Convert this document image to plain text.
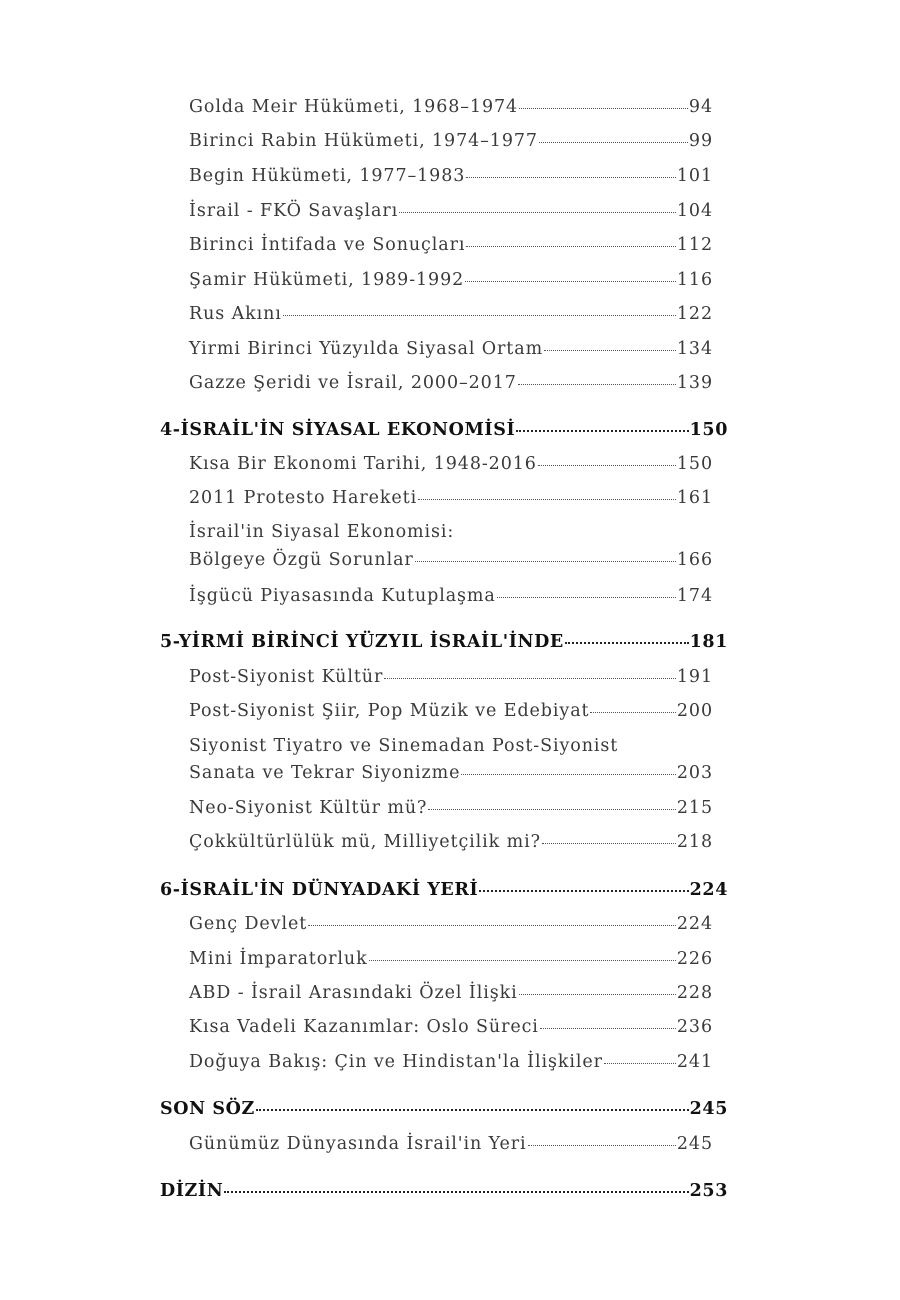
Golda Meir Hükümeti, 1968–1974	94
Birinci Rabin Hükümeti, 1974–1977	99
Begin Hükümeti, 1977–1983	101
İsrail - FKÖ Savaşları	104
Birinci İntifada ve Sonuçları	112
Şamir Hükümeti, 1989-1992	116
Rus Akını	122
Yirmi Birinci Yüzyılda Siyasal Ortam	134
Gazze Şeridi ve İsrail, 2000–2017	139
4-İSRAİL'İN SİYASAL EKONOMİSİ	150
Kısa Bir Ekonomi Tarihi, 1948-2016	150
2011 Protesto Hareketi	161
İsrail'in Siyasal Ekonomisi:
Bölgeye Özgü Sorunlar	166
İşgücü Piyasasında Kutuplaşma	174
5-YİRMİ BİRİNCİ YÜZYIL İSRAİL'İNDE	181
Post-Siyonist Kültür	191
Post-Siyonist Şiir, Pop Müzik ve Edebiyat	200
Siyonist Tiyatro ve Sinemadan Post-Siyonist
Sanata ve Tekrar Siyonizme	203
Neo-Siyonist Kültür mü?	215
Çokkültürlülük mü, Milliyetçilik mi?	218
6-İSRAİL'İN DÜNYADAKİ YERİ	224
Genç Devlet	224
Mini İmparatorluk	226
ABD - İsrail Arasındaki Özel İlişki	228
Kısa Vadeli Kazanımlar: Oslo Süreci	236
Doğuya Bakış: Çin ve Hindistan'la İlişkiler	241
SON SÖZ	245
Günümüz Dünyasında İsrail'in Yeri	245
DİZİN	253
